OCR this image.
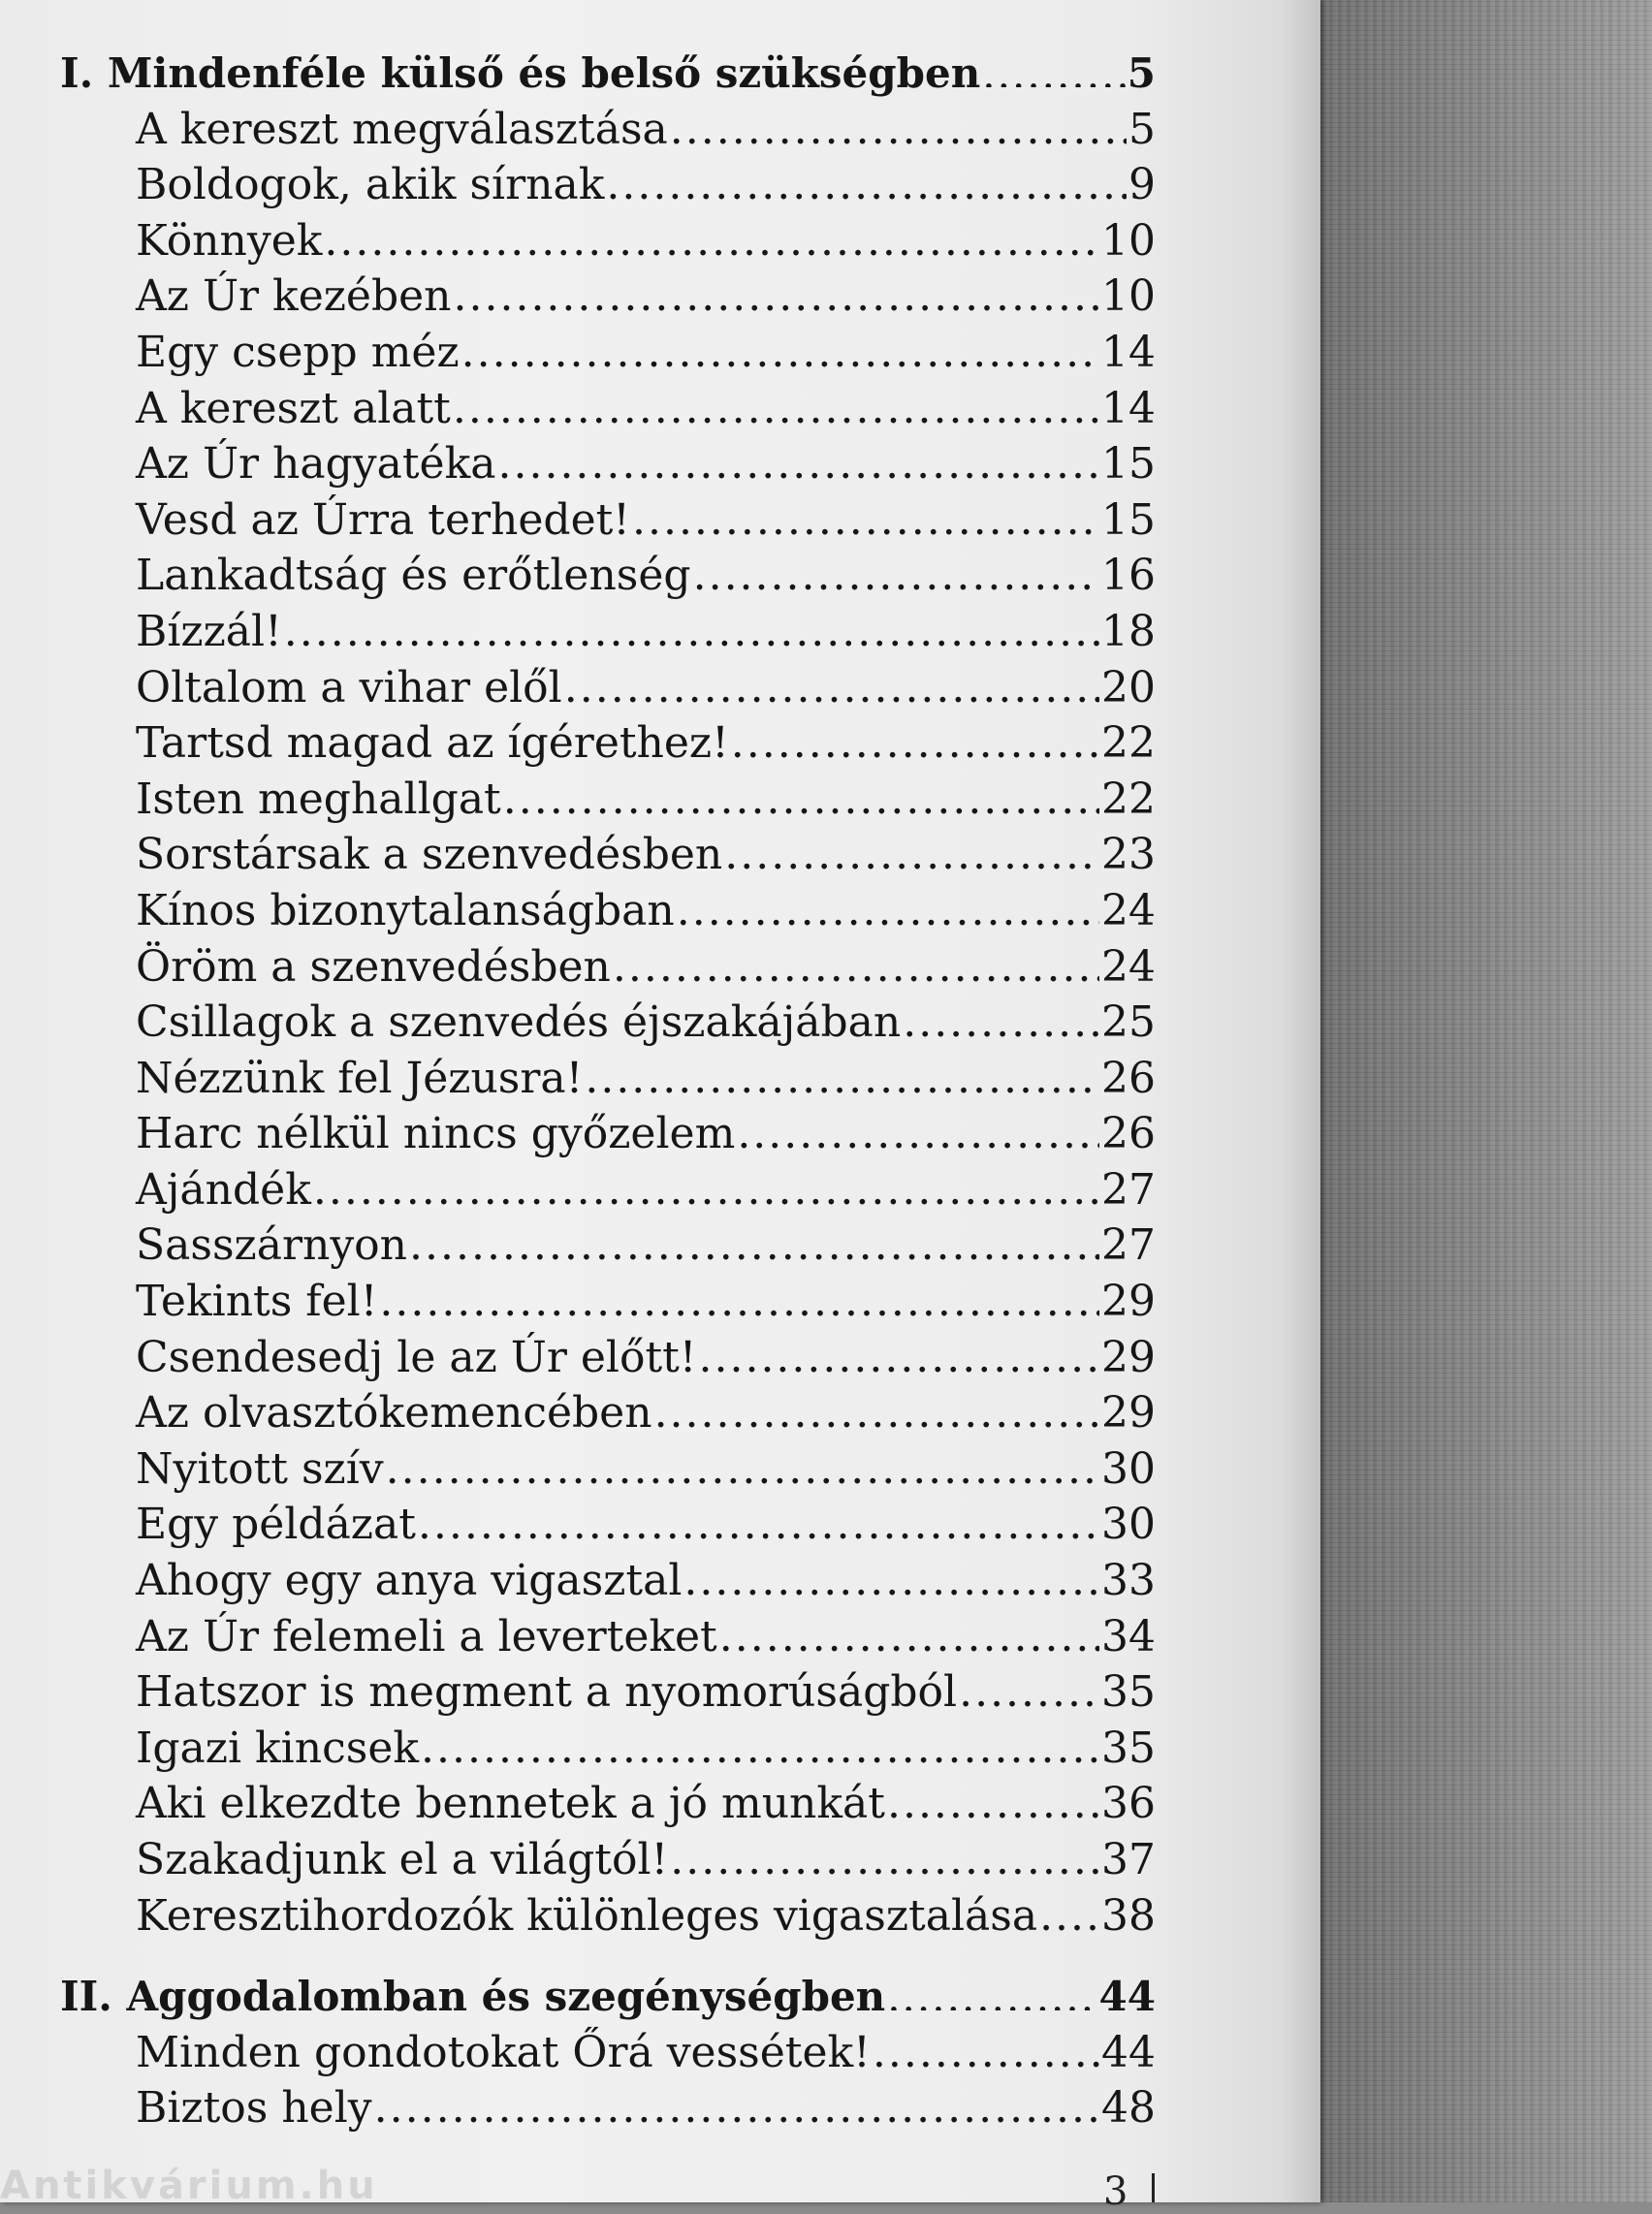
I. Mindenféle külső és belső szükségben .....	5
A kereszt megválasztása .....	5
Boldogok, akik sírnak .....	9
Könnyek .....	10
Az Úr kezében .....	10
Egy csepp méz .....	14
A kereszt alatt .....	14
Az Úr hagyatéka .....	15
Vesd az Úrra terhedet! .....	15
Lankadtság és erőtlenség .....	16
Bízzál! .....	18
Oltalom a vihar elől .....	20
Tartsd magad az ígérethez! .....	22
Isten meghallgat .....	22
Sorstársak a szenvedésben .....	23
Kínos bizonytalanságban .....	24
Öröm a szenvedésben .....	24
Csillagok a szenvedés éjszakájában .....	25
Nézzünk fel Jézusra! .....	26
Harc nélkül nincs győzelem .....	26
Ajándék .....	27
Sasszárnyon .....	27
Tekints fel! .....	29
Csendesedj le az Úr előtt! .....	29
Az olvasztókemencében .....	29
Nyitott szív .....	30
Egy példázat .....	30
Ahogy egy anya vigasztal .....	33
Az Úr felemeli a leverteket .....	34
Hatszor is megment a nyomorúságból .....	35
Igazi kincsek .....	35
Aki elkezdte bennetek a jó munkát .....	36
Szakadjunk el a világtól! .....	37
Keresztihordozók különleges vigasztalása ..... 38
II. Aggodalomban és szegénységben .....	44
Minden gondotokat Őrá vessétek! .....	44
Biztos hely .....	48
Antikvárium.hu	3
